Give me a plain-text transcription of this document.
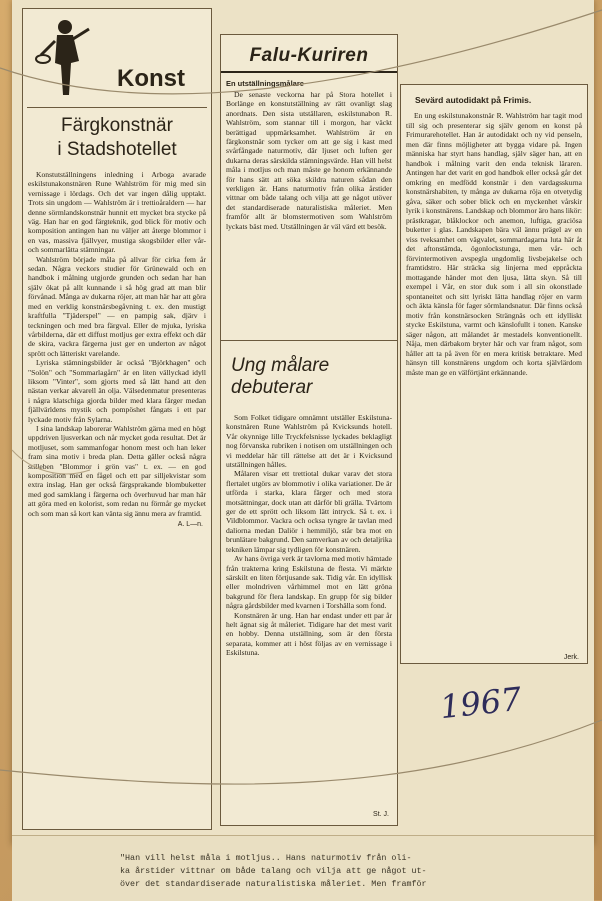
Konst
Färgkonstnär
i Stadshotellet

Konstutställningens inledning i Arboga avarade eskilstunakonstnären Rune Wahlström för mig med sin vernissage i lördags. Och det var ingen dålig upptakt. Trots sin ungdom — Wahlström är i trettioåraldern — har denne sörmlandskonstnär hunnit ett mycket bra stycke på väg. Han har en god färgteknik, god blick för motiv och komposition antingen han nu väljer att återge blommor i en vas, massiva fjällvyer, mustiga skogsbilder eller vår- och sommarlätta stämningar.

Wahlström började måla på allvar för cirka fem år sedan. Några veckors studier för Grünewald och en handbok i målning utgjorde grunden och sedan har han själv ökat på allt kunnande i så hög grad att man blir förvånad. Många av dukarna röjer, att man här har att göra med en verklig konstnärsbegåvning t. ex. den mustigt kraftfulla "Tjäderspel" — en pampig sak, djärv i teckningen och med bra färgval. Eller de mjuka, lyriska vårbilderna, där ett diffust motljus ger extra effekt och där de skira, vackra färgerna just ger en underton av något sprött och lätteriskt varelande.

Lyriska stämningsbilder är också "Björkhagen" och "Solön" och "Sommarlagårn" är en liten vällyckad idyll liksom "Vinter", som gjorts med så lätt hand att den nästan verkar akvarell än olja. Välsedenmatur presenteras i några klatschiga gjorda bilder med klara färger medan fjällvärldens mystik och pompöshet fångats i ett par lyckade motiv från Sylarna.

I sina landskap laborerar Wahlström gärna med en högt uppdriven ljusverkan och når mycket goda resultat. Det är motljuset, som sammanfogar honom mest och han leker fram sina motiv i breda plan. Detta gäller också några stilleben "Blommor i grön vas" t. ex. — en god komposition med en fågel och ett par silljekvistar som extra inslag. Han ger också färgsprakande blombuketter med god samklang i färgerna och överhuvud har man här att göra med en kolorist, som redan nu förmår ge mycket och som man så kort kan vänta sig ännu mera av framtid.

A. L—n.
Falu-Kuriren
En utställningsmålare

De senaste veckorna har på Stora hotellet i Borlänge en konstutställning av rätt ovanligt slag anordnats. Den sista utställaren, eskilstunabon R. Wahlström, som stannar till i morgon, har väckt berättigad uppmärksamhet. Wahlström är en färgkonstnär som tycker om att ge sig i kast med svårfångade naturmotiv, där ljuset och luften ger dukarna deras särskilda stämningsvärde. Han vill helst måla i motljus och man måste ge honom erkännande för hans sätt att söka skildra naturen sådan den verkligen är. Hans naturmotiv från olika årstider vittnar om både talang och vilja att ge något utöver det standardiserade naturalistiska måleriet. Men framför allt är blomstermotiven som Wahlström lyckats bäst med. Utställningen är väl värd ett besök.

Ung målare
debuterar

Som Folket tidigare omnämnt utställer Eskilstuna-konstnären Rune Wahlström på Kvicksunds hotell. Vår okynnige lille Tryckfelsnisse lyckades beklagligt nog förvanska rubriken i notisen om utställningen och vi meddelar här till rättelse att det är i Kvicksund utställningen hålles.

Målaren visar ett trettiotal dukar varav det stora flertalet utgörs av blommotiv i olika variationer. De är utförda i starka, klara färger och med stora motsättningar, dock utan att därför bli grälla. Tvärtom ger de ett sprött och liksom lätt intryck. Så t. ex. i Vildblommor. Vackra och ocksa tyngre är tavlan med daliorna medan Daliör i hemmiljö, står bra mot en brunlätare bakgrund. Den samverkan av och detaljrika tekniken lämpar sig tydligen för konstnären.

Av hans övriga verk är tavlorna med motiv hämtade från trakterna kring Eskilstuna de flesta. Vi märkte särskilt en liten förtjusande sak. Tidig vår. En idyllisk eller molndriven vårhimmel mot en lätt gröna bakgrund för flera landskap. En grupp för sig bilder några gårdsbilder med kvarnen i Torshälla som fond.

Konstnären är ung. Han har endast under ett par år helt ägnat sig åt måleriet. Tidigare har det mest varit en hobby. Denna utställning, som är den första separata, kommer att i höst följas av en vernissage i Eskilstuna.

St. J.
Sevärd autodidakt på Frimis.

En ung eskilstunakonstnär R. Wahlström har tagit mod till sig och presenterar sig själv genom en konst på Frimurarehotellet. Han är autodidakt och ny vid penseln, men där finns möjligheter att bygga vidare på. Ingen människa har styrt hans handlag, själv säger han, att en handbok i målning varit den enda teknisk läraren. Antingen har det varit en god handbok eller också går det omkring en medfödd konstnär i den vardagsskurna konstnärshabiten, ty många av dukarna röja en otvetydig gåva, säker och sober blick och en myckenhet vårskir lyrik i konstnärens. Landskap och blommor äro hans likör: prästkragar, blåklockor och anemon, luftiga, graciösa buketter i glas. Landskapen bära väl ännu prägel av en viss tveksamhet om vägvalet, sommardagarna luta här åt det aftonstämda, ögonlockstunga, men vår- och förvintermotiven avspegla ungdomlig livsbejakelse och framtidstro. Här sträcka sig linjerna med eppråckta mottagande händer mot den ljusa, lätta skyn. Så till exempel i Vår, en stor duk som i all sin okonstlade spontaneitet och sitt lyriskt lätta handlag röjer en varm och äkta känsla för fager sörmlandsnatur. Där finns också motiv från konstnärsocken Strängnäs och ett idylliskt stycke Eskilstuna, varmt och känslofullt i tonen. Kanske säger någon, att målandet är mestadels konventionellt. Nåja, men därbakom bryter här och var fram något, som håller att ta på även för en mera kritisk betraktare. Med hänsyn till konstnärens ungdom och korta självlärdom måste man ge en välförtjänt erkännande.

Jerk.
1967
"Han vill helst måla i motljus.. Hans naturmotiv från oli-
ka årstider vittnar om både talang och vilja att ge något ut-
över det standardiserade naturalistiska måleriet. Men framför
